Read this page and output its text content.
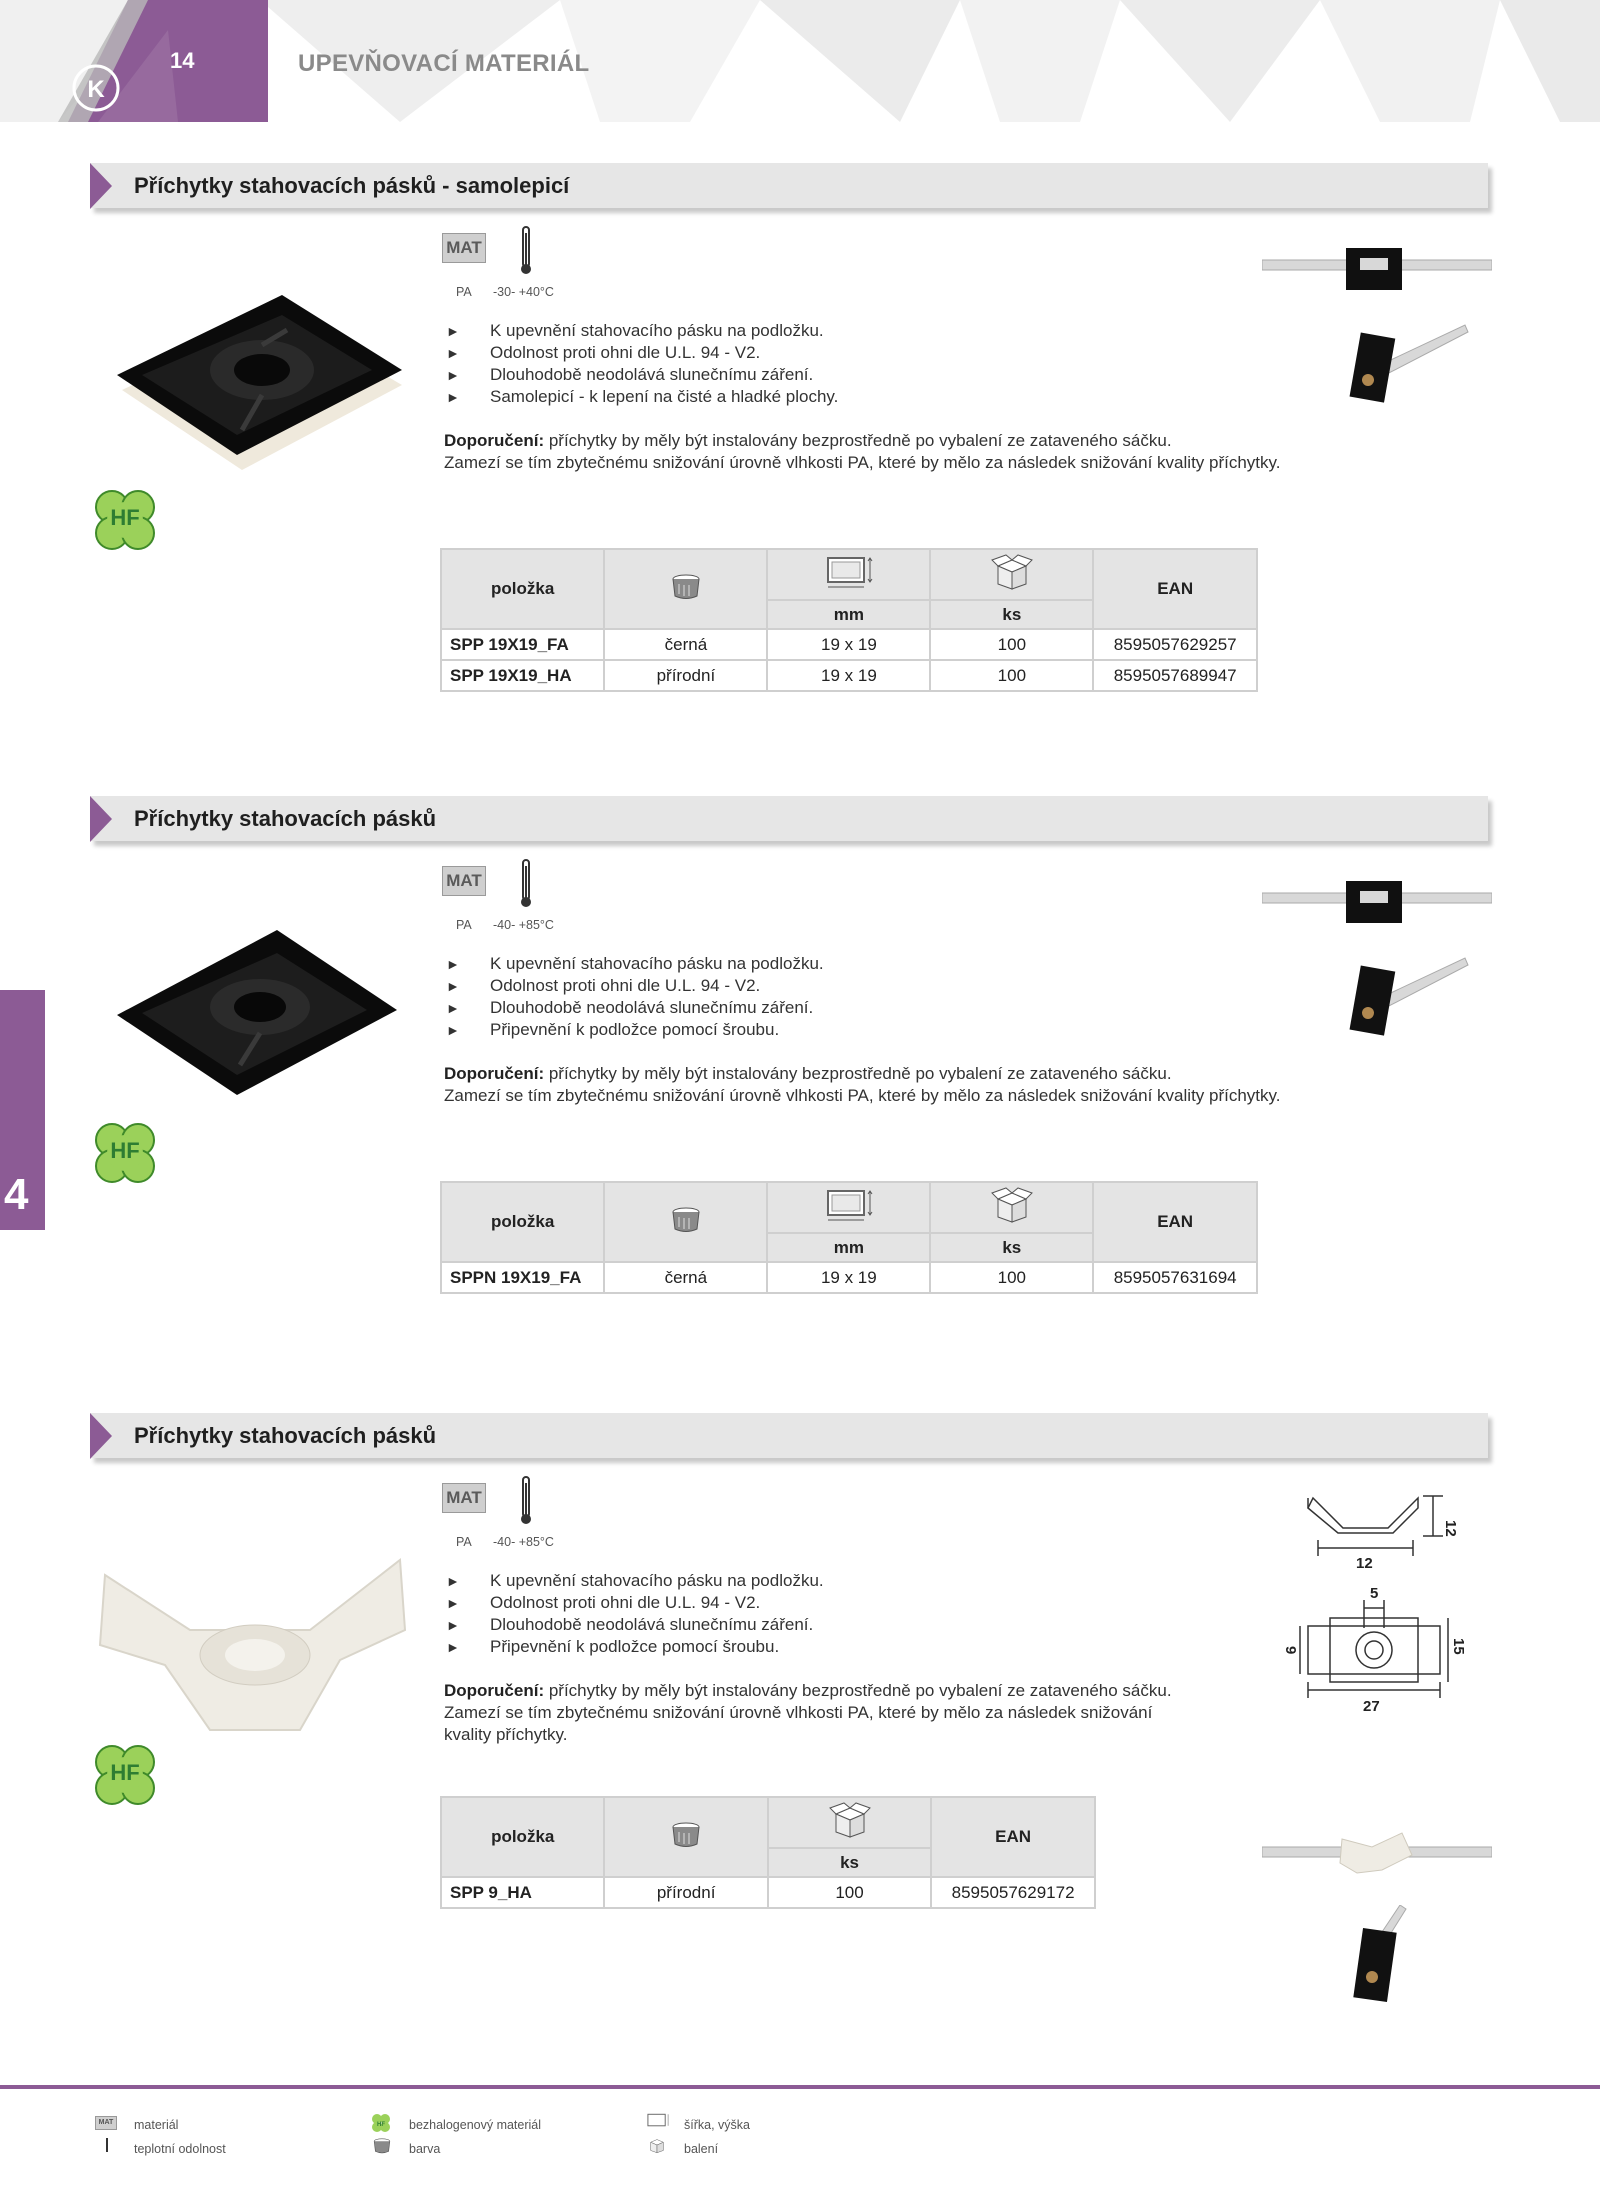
K
14	UPEVŇOVACÍ MATERIÁL
4
Příchytky stahovacích pásků - samolepicí
HF
MAT
PA -30- +40°C
► K upevnění stahovacího pásku na podložku.
► Odolnost proti ohni dle U.L. 94 - V2.
► Dlouhodobě neodolává slunečnímu záření.
► Samolepicí - k lepení na čisté a hladké plochy.
Doporučení: příchytky by měly být instalovány bezprostředně po vybalení ze zataveného sáčku.
Zamezí se tím zbytečnému snižování úrovně vlhkosti PA, které by mělo za následek snižování kvality příchytky.
položka				EAN
		mm	ks	
SPP 19X19_FA	černá	19 x 19	100	8595057629257
SPP 19X19_HA	přírodní	19 x 19	100	8595057689947
Příchytky stahovacích pásků
HF
MAT
PA -40- +85°C
► K upevnění stahovacího pásku na podložku.
► Odolnost proti ohni dle U.L. 94 - V2.
► Dlouhodobě neodolává slunečnímu záření.
► Připevnění k podložce pomocí šroubu.
Doporučení: příchytky by měly být instalovány bezprostředně po vybalení ze zataveného sáčku.
Zamezí se tím zbytečnému snižování úrovně vlhkosti PA, které by mělo za následek snižování kvality příchytky.
položka				EAN
		mm	ks	
SPPN 19X19_FA	černá	19 x 19	100	8595057631694
Příchytky stahovacích pásků
HF
MAT
PA -40- +85°C
► K upevnění stahovacího pásku na podložku.
► Odolnost proti ohni dle U.L. 94 - V2.
► Dlouhodobě neodolává slunečnímu záření.
► Připevnění k podložce pomocí šroubu.
Doporučení: příchytky by měly být instalovány bezprostředně po vybalení ze zataveného sáčku.
Zamezí se tím zbytečnému snižování úrovně vlhkosti PA, které by mělo za následek snižování
kvality příchytky.
12
12
5
9	15
27
položka			EAN
		ks	
SPP 9_HA	přírodní	100	8595057629172
MAT materiál
teplotní odolnost
HF bezhalogenový materiál
barva
šířka, výška
balení
